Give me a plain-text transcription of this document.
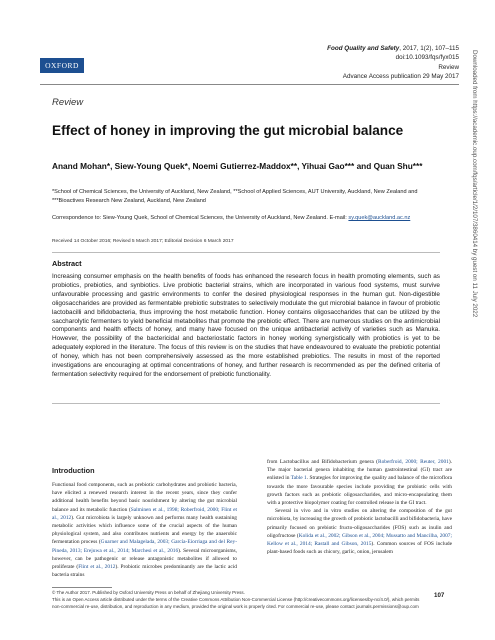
OXFORD
Food Quality and Safety, 2017, 1(2), 107–115
doi:10.1093/fqs/fyx015
Review
Advance Access publication 29 May 2017
Review
Effect of honey in improving the gut microbial balance
Anand Mohan*, Siew-Young Quek*, Noemi Gutierrez-Maddox**, Yihuai Gao*** and Quan Shu***
*School of Chemical Sciences, the University of Auckland, New Zealand, **School of Applied Sciences, AUT University, Auckland, New Zealand and ***Bioactives Research New Zealand, Auckland, New Zealand
Correspondence to: Siew-Young Quek, School of Chemical Sciences, the University of Auckland, New Zealand. E-mail: sy.quek@auckland.ac.nz
Received 14 October 2016; Revised 5 March 2017; Editorial Decision 6 March 2017
Abstract
Increasing consumer emphasis on the health benefits of foods has enhanced the research focus in health promoting elements, such as probiotics, prebiotics, and synbiotics. Live probiotic bacterial strains, which are incorporated in various food systems, must survive unfavourable processing and gastric environments to confer the desired physiological responses in the human gut. Non-digestible oligosaccharides are provided as fermentable prebiotic substrates to selectively modulate the gut microbial balance in favour of probiotic lactobacilli and bifidobacteria, thus improving the host metabolic function. Honey contains oligosaccharides that can be utilized by the saccharolytic fermenters to yield beneficial metabolites that promote the prebiotic effect. There are numerous studies on the antimicrobial components and health effects of honey, and many have focused on the unique antibacterial activity of varieties such as Manuka. However, the possibility of the bactericidal and bacteriostatic factors in honey working synergistically with probiotics is yet to be adequately explored in the literature. The focus of this review is on the studies that have endeavoured to evaluate the prebiotic potential of honey, which has not been comprehensively assessed as the more established prebiotics. The results in most of the reported investigations are encouraging at optimal concentrations of honey, and further research is recommended as per the defined criteria of fermentation selectivity required for the endorsement of prebiotic functionality.
Introduction

Functional food components, such as prebiotic carbohydrates and probiotic bacteria, have elicited a renewed research interest in the recent years, since they confer additional health benefits beyond basic nourishment by altering the gut microbial balance and its metabolic function (Salminen et al., 1998; Roberfroid, 2000; Flint et al., 2012). Gut microbiota is largely unknown and performs many health sustaining metabolic activities which influence some of the crucial aspects of the human physiological system, and also contributes nutrients and energy by the anaerobic fermentation process (Guarner and Malagelada, 2003; García-Eiorriaga and del Rey-Pineda, 2013; Erejuwa et al., 2014; Marchesi et al., 2016). Several microorganisms, however, can be pathogenic or release antagonistic metabolites if allowed to proliferate (Flint et al., 2012). Probiotic microbes predominantly are the lactic acid bacteria strains

from Lactobacillus and Bifidobacterium genera (Roberfroid, 2000; Reuter, 2001). The major bacterial genera inhabiting the human gastrointestinal (GI) tract are enlisted in Table 1. Strategies for improving the quality and balance of the microflora towards the more favourable species include providing the probiotic cells with growth factors such as prebiotic oligosaccharides, and micro-encapsulating them with a protective biopolymer coating for controlled release in the GI tract.

Several in vivo and in vitro studies on altering the composition of the gut microbiota, by increasing the growth of probiotic lactobacilli and bifidobacteria, have primarily focused on prebiotic fructo-oligosaccharides (FOS) such as inulin and oligofructose (Kolida et al., 2002; Gibson et al., 2004; Mussatto and Mancilha, 2007; Kellow et al., 2014; Rastall and Gibson, 2015). Common sources of FOS include plant-based foods such as chicory, garlic, onion, jerusalem

© The Author 2017. Published by Oxford University Press on behalf of Zhejiang University Press.
This is an Open Access article distributed under the terms of the Creative Commons Attribution Non-Commercial License (http://creativecommons.org/licenses/by-nc/4.0/), which permits non-commercial re-use, distribution, and reproduction in any medium, provided the original work is properly cited. For commercial re-use, please contact journals.permissions@oup.com
107
Downloaded from https://academic.oup.com/fqs/article/1/2/107/3860414 by guest on 11 July 2022
